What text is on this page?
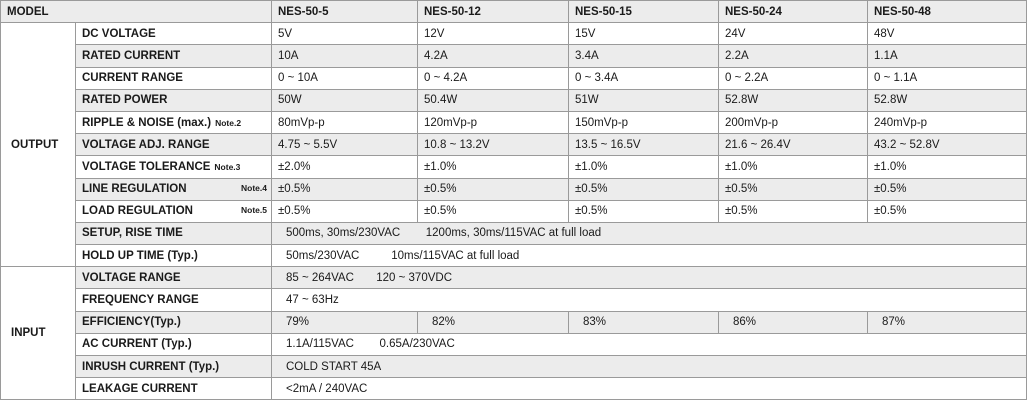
MODEL		NES-50-5	NES-50-12	NES-50-15	NES-50-24	NES-50-48
OUTPUT	DC VOLTAGE	5V	12V	15V	24V	48V
	RATED CURRENT	10A	4.2A	3.4A	2.2A	1.1A
	CURRENT RANGE	0 ~ 10A	0 ~ 4.2A	0 ~ 3.4A	0 ~ 2.2A	0 ~ 1.1A
	RATED POWER	50W	50.4W	51W	52.8W	52.8W
	RIPPLE & NOISE (max.) Note.2	80mVp-p	120mVp-p	150mVp-p	200mVp-p	240mVp-p
	VOLTAGE ADJ. RANGE	4.75 ~ 5.5V	10.8 ~ 13.2V	13.5 ~ 16.5V	21.6 ~ 26.4V	43.2 ~ 52.8V
	VOLTAGE TOLERANCE Note.3	±2.0%	±1.0%	±1.0%	±1.0%	±1.0%
	LINE REGULATION Note.4	±0.5%	±0.5%	±0.5%	±0.5%	±0.5%
	LOAD REGULATION Note.5	±0.5%	±0.5%	±0.5%	±0.5%	±0.5%
	SETUP, RISE TIME	500ms, 30ms/230VAC        1200ms, 30ms/115VAC at full load				
	HOLD UP TIME (Typ.)	50ms/230VAC          10ms/115VAC at full load				
INPUT	VOLTAGE RANGE	85 ~ 264VAC       120 ~ 370VDC				
	FREQUENCY RANGE	47 ~ 63Hz				
	EFFICIENCY(Typ.)	79%	82%	83%	86%	87%
	AC CURRENT (Typ.)	1.1A/115VAC        0.65A/230VAC				
	INRUSH CURRENT (Typ.)	COLD START 45A				
	LEAKAGE CURRENT	<2mA / 240VAC				
